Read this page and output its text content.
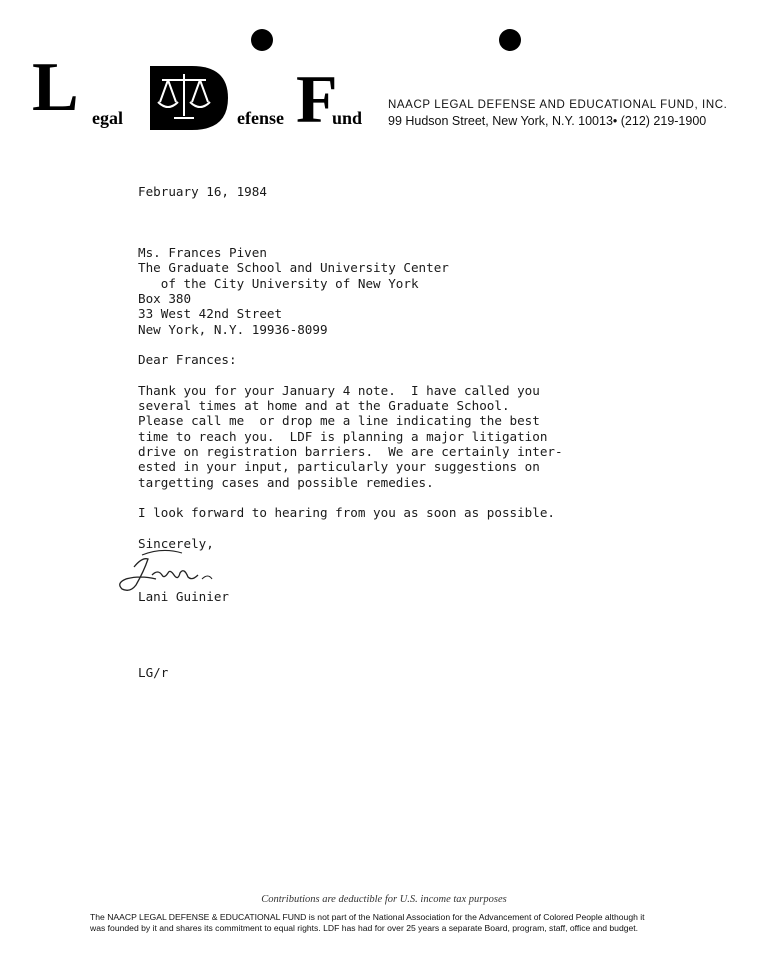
L egal	efense F
und
NAACP LEGAL DEFENSE AND EDUCATIONAL FUND, INC.
99 Hudson Street, New York, N.Y. 10013• (212) 219-1900
February 16, 1984
Ms. Frances Piven
The Graduate School and University Center
of the City University of New York
Box 380
33 West 42nd Street
New York, N.Y. 19936-8099
Dear Frances:
Thank you for your January 4 note.  I have called you
several times at home and at the Graduate School.
Please call me  or drop me a line indicating the best
time to reach you.  LDF is planning a major litigation
drive on registration barriers.  We are certainly inter-
ested in your input, particularly your suggestions on
targetting cases and possible remedies.
I look forward to hearing from you as soon as possible.
Sincerely,
Lani Guinier
LG/r
Contributions are deductible for U.S. income tax purposes
The NAACP LEGAL DEFENSE & EDUCATIONAL FUND is not part of the National Association for the Advancement of Colored People although it
was founded by it and shares its commitment to equal rights. LDF has had for over 25 years a separate Board, program, staff, office and budget.
